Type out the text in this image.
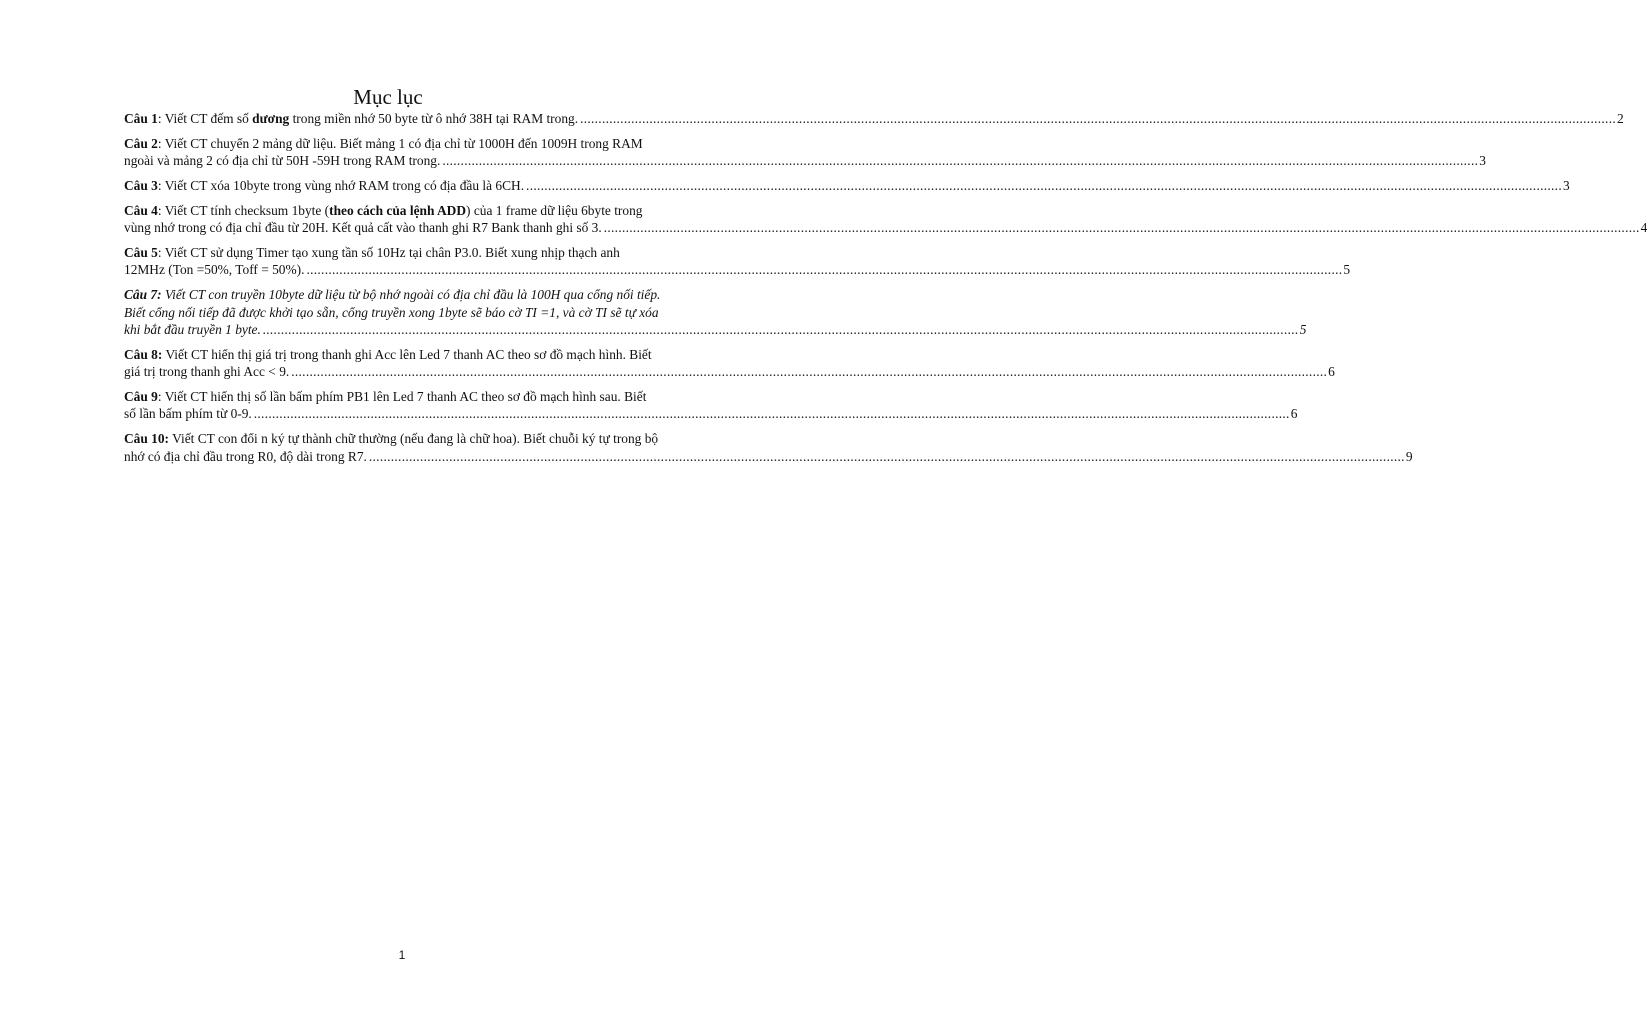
Mục lục
Câu 1: Viết CT đếm số dương trong miền nhớ 50 byte từ ô nhớ 38H tại RAM trong. .....	2
Câu 2: Viết CT chuyển 2 mảng dữ liệu. Biết mảng 1 có địa chỉ từ 1000H đến 1009H trong RAM
ngoài và mảng 2 có địa chỉ từ 50H -59H trong RAM trong. .....	3
Câu 3: Viết CT xóa 10byte trong vùng nhớ RAM trong có địa đầu là 6CH. .....	3
Câu 4: Viết CT tính checksum 1byte (theo cách của lệnh ADD) của 1 frame dữ liệu 6byte trong
vùng nhớ trong có địa chỉ đầu từ 20H. Kết quả cất vào thanh ghi R7 Bank thanh ghi số 3. .....	4
Câu 5: Viết CT sử dụng Timer tạo xung tần số 10Hz tại chân P3.0. Biết xung nhịp thạch anh
12MHz (Ton =50%, Toff = 50%). .....	5
Câu 7: Viết CT con truyền 10byte dữ liệu từ bộ nhớ ngoài có địa chỉ đầu là 100H qua cổng nối tiếp.
Biết cổng nối tiếp đã được khởi tạo sẵn, cổng truyền xong 1byte sẽ báo cờ TI =1, và cờ TI sẽ tự xóa
khi bắt đầu truyền 1 byte. .....	5
Câu 8: Viết CT hiển thị giá trị trong thanh ghi Acc lên Led 7 thanh AC theo sơ đồ mạch hình. Biết
giá trị trong thanh ghi Acc < 9. .....	6
Câu 9: Viết CT hiển thị số lần bấm phím PB1 lên Led 7 thanh AC theo sơ đồ mạch hình sau. Biết
số lần bấm phím từ 0-9. .....	6
Câu 10: Viết CT con đổi n ký tự thành chữ thường (nếu đang là chữ hoa). Biết chuỗi ký tự trong bộ
nhớ có địa chỉ đầu trong R0, độ dài trong R7. .....	9
1
